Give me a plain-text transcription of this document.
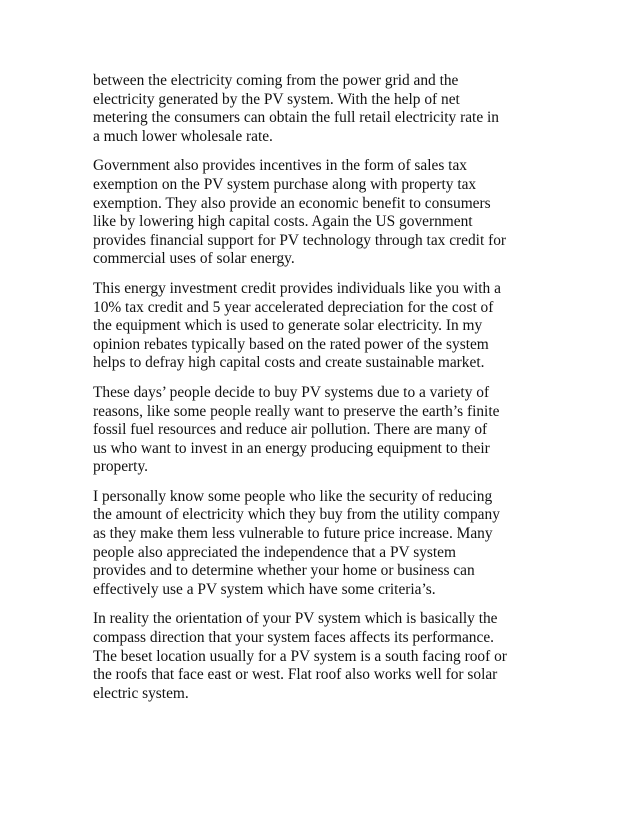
between the electricity coming from the power grid and the
electricity generated by the PV system. With the help of net
metering the consumers can obtain the full retail electricity rate in
a much lower wholesale rate.

Government also provides incentives in the form of sales tax
exemption on the PV system purchase along with property tax
exemption. They also provide an economic benefit to consumers
like by lowering high capital costs. Again the US government
provides financial support for PV technology through tax credit for
commercial uses of solar energy.

This energy investment credit provides individuals like you with a
10% tax credit and 5 year accelerated depreciation for the cost of
the equipment which is used to generate solar electricity. In my
opinion rebates typically based on the rated power of the system
helps to defray high capital costs and create sustainable market.

These days’ people decide to buy PV systems due to a variety of
reasons, like some people really want to preserve the earth’s finite
fossil fuel resources and reduce air pollution. There are many of
us who want to invest in an energy producing equipment to their
property.

I personally know some people who like the security of reducing
the amount of electricity which they buy from the utility company
as they make them less vulnerable to future price increase. Many
people also appreciated the independence that a PV system
provides and to determine whether your home or business can
effectively use a PV system which have some criteria’s.

In reality the orientation of your PV system which is basically the
compass direction that your system faces affects its performance.
The beset location usually for a PV system is a south facing roof or
the roofs that face east or west. Flat roof also works well for solar
electric system.
